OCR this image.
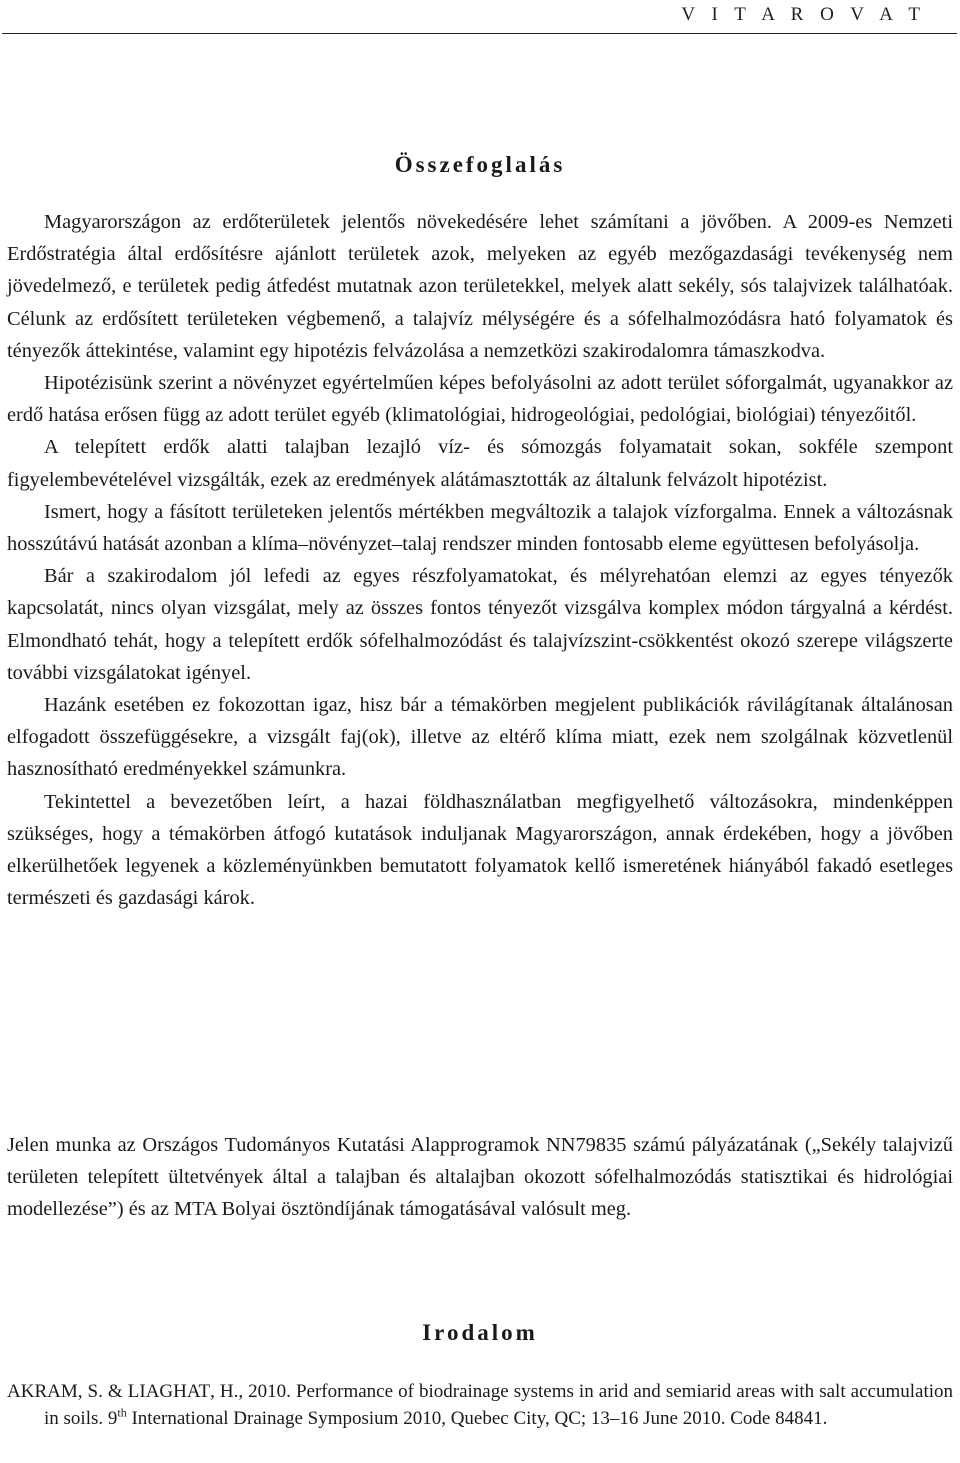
V I T A R O V A T
Összefoglalás

Magyarországon az erdőterületek jelentős növekedésére lehet számítani a jövőben. A 2009-es Nemzeti Erdőstratégia által erdősítésre ajánlott területek azok, melyeken az egyéb mezőgazdasági tevékenység nem jövedelmező, e területek pedig átfedést mutatnak azon területekkel, melyek alatt sekély, sós talajvizek találhatóak. Célunk az erdősített területeken végbemenő, a talajvíz mélységére és a sófelhalmozódásra ható folyamatok és tényezők áttekintése, valamint egy hipotézis felvázolása a nemzetközi szakirodalomra támaszkodva.

Hipotézisünk szerint a növényzet egyértelműen képes befolyásolni az adott terület sóforgalmát, ugyanakkor az erdő hatása erősen függ az adott terület egyéb (klimatológiai, hidrogeológiai, pedológiai, biológiai) tényezőitől.

A telepített erdők alatti talajban lezajló víz- és sómozgás folyamatait sokan, sokféle szempont figyelembevételével vizsgálták, ezek az eredmények alátámasztották az általunk felvázolt hipotézist.

Ismert, hogy a fásított területeken jelentős mértékben megváltozik a talajok vízforgalma. Ennek a változásnak hosszútávú hatását azonban a klíma–növényzet–talaj rendszer minden fontosabb eleme együttesen befolyásolja.

Bár a szakirodalom jól lefedi az egyes részfolyamatokat, és mélyrehatóan elemzi az egyes tényezők kapcsolatát, nincs olyan vizsgálat, mely az összes fontos tényezőt vizsgálva komplex módon tárgyalná a kérdést. Elmondható tehát, hogy a telepített erdők sófelhalmozódást és talajvízszint-csökkentést okozó szerepe világszerte további vizsgálatokat igényel.

Hazánk esetében ez fokozottan igaz, hisz bár a témakörben megjelent publikációk rávilágítanak általánosan elfogadott összefüggésekre, a vizsgált faj(ok), illetve az eltérő klíma miatt, ezek nem szolgálnak közvetlenül hasznosítható eredményekkel számunkra.

Tekintettel a bevezetőben leírt, a hazai földhasználatban megfigyelhető változásokra, mindenképpen szükséges, hogy a témakörben átfogó kutatások induljanak Magyarországon, annak érdekében, hogy a jövőben elkerülhetőek legyenek a közleményünkben bemutatott folyamatok kellő ismeretének hiányából fakadó esetleges természeti és gazdasági károk.

Jelen munka az Országos Tudományos Kutatási Alapprogramok NN79835 számú pályázatának („Sekély talajvizű területen telepített ültetvények által a talajban és altalajban okozott sófelhalmozódás statisztikai és hidrológiai modellezése”) és az MTA Bolyai ösztöndíjának támogatásával valósult meg.

Irodalom
AKRAM, S. & LIAGHAT, H., 2010. Performance of biodrainage systems in arid and semiarid areas with salt accumulation in soils. 9th International Drainage Symposium 2010, Quebec City, QC; 13–16 June 2010. Code 84841.
